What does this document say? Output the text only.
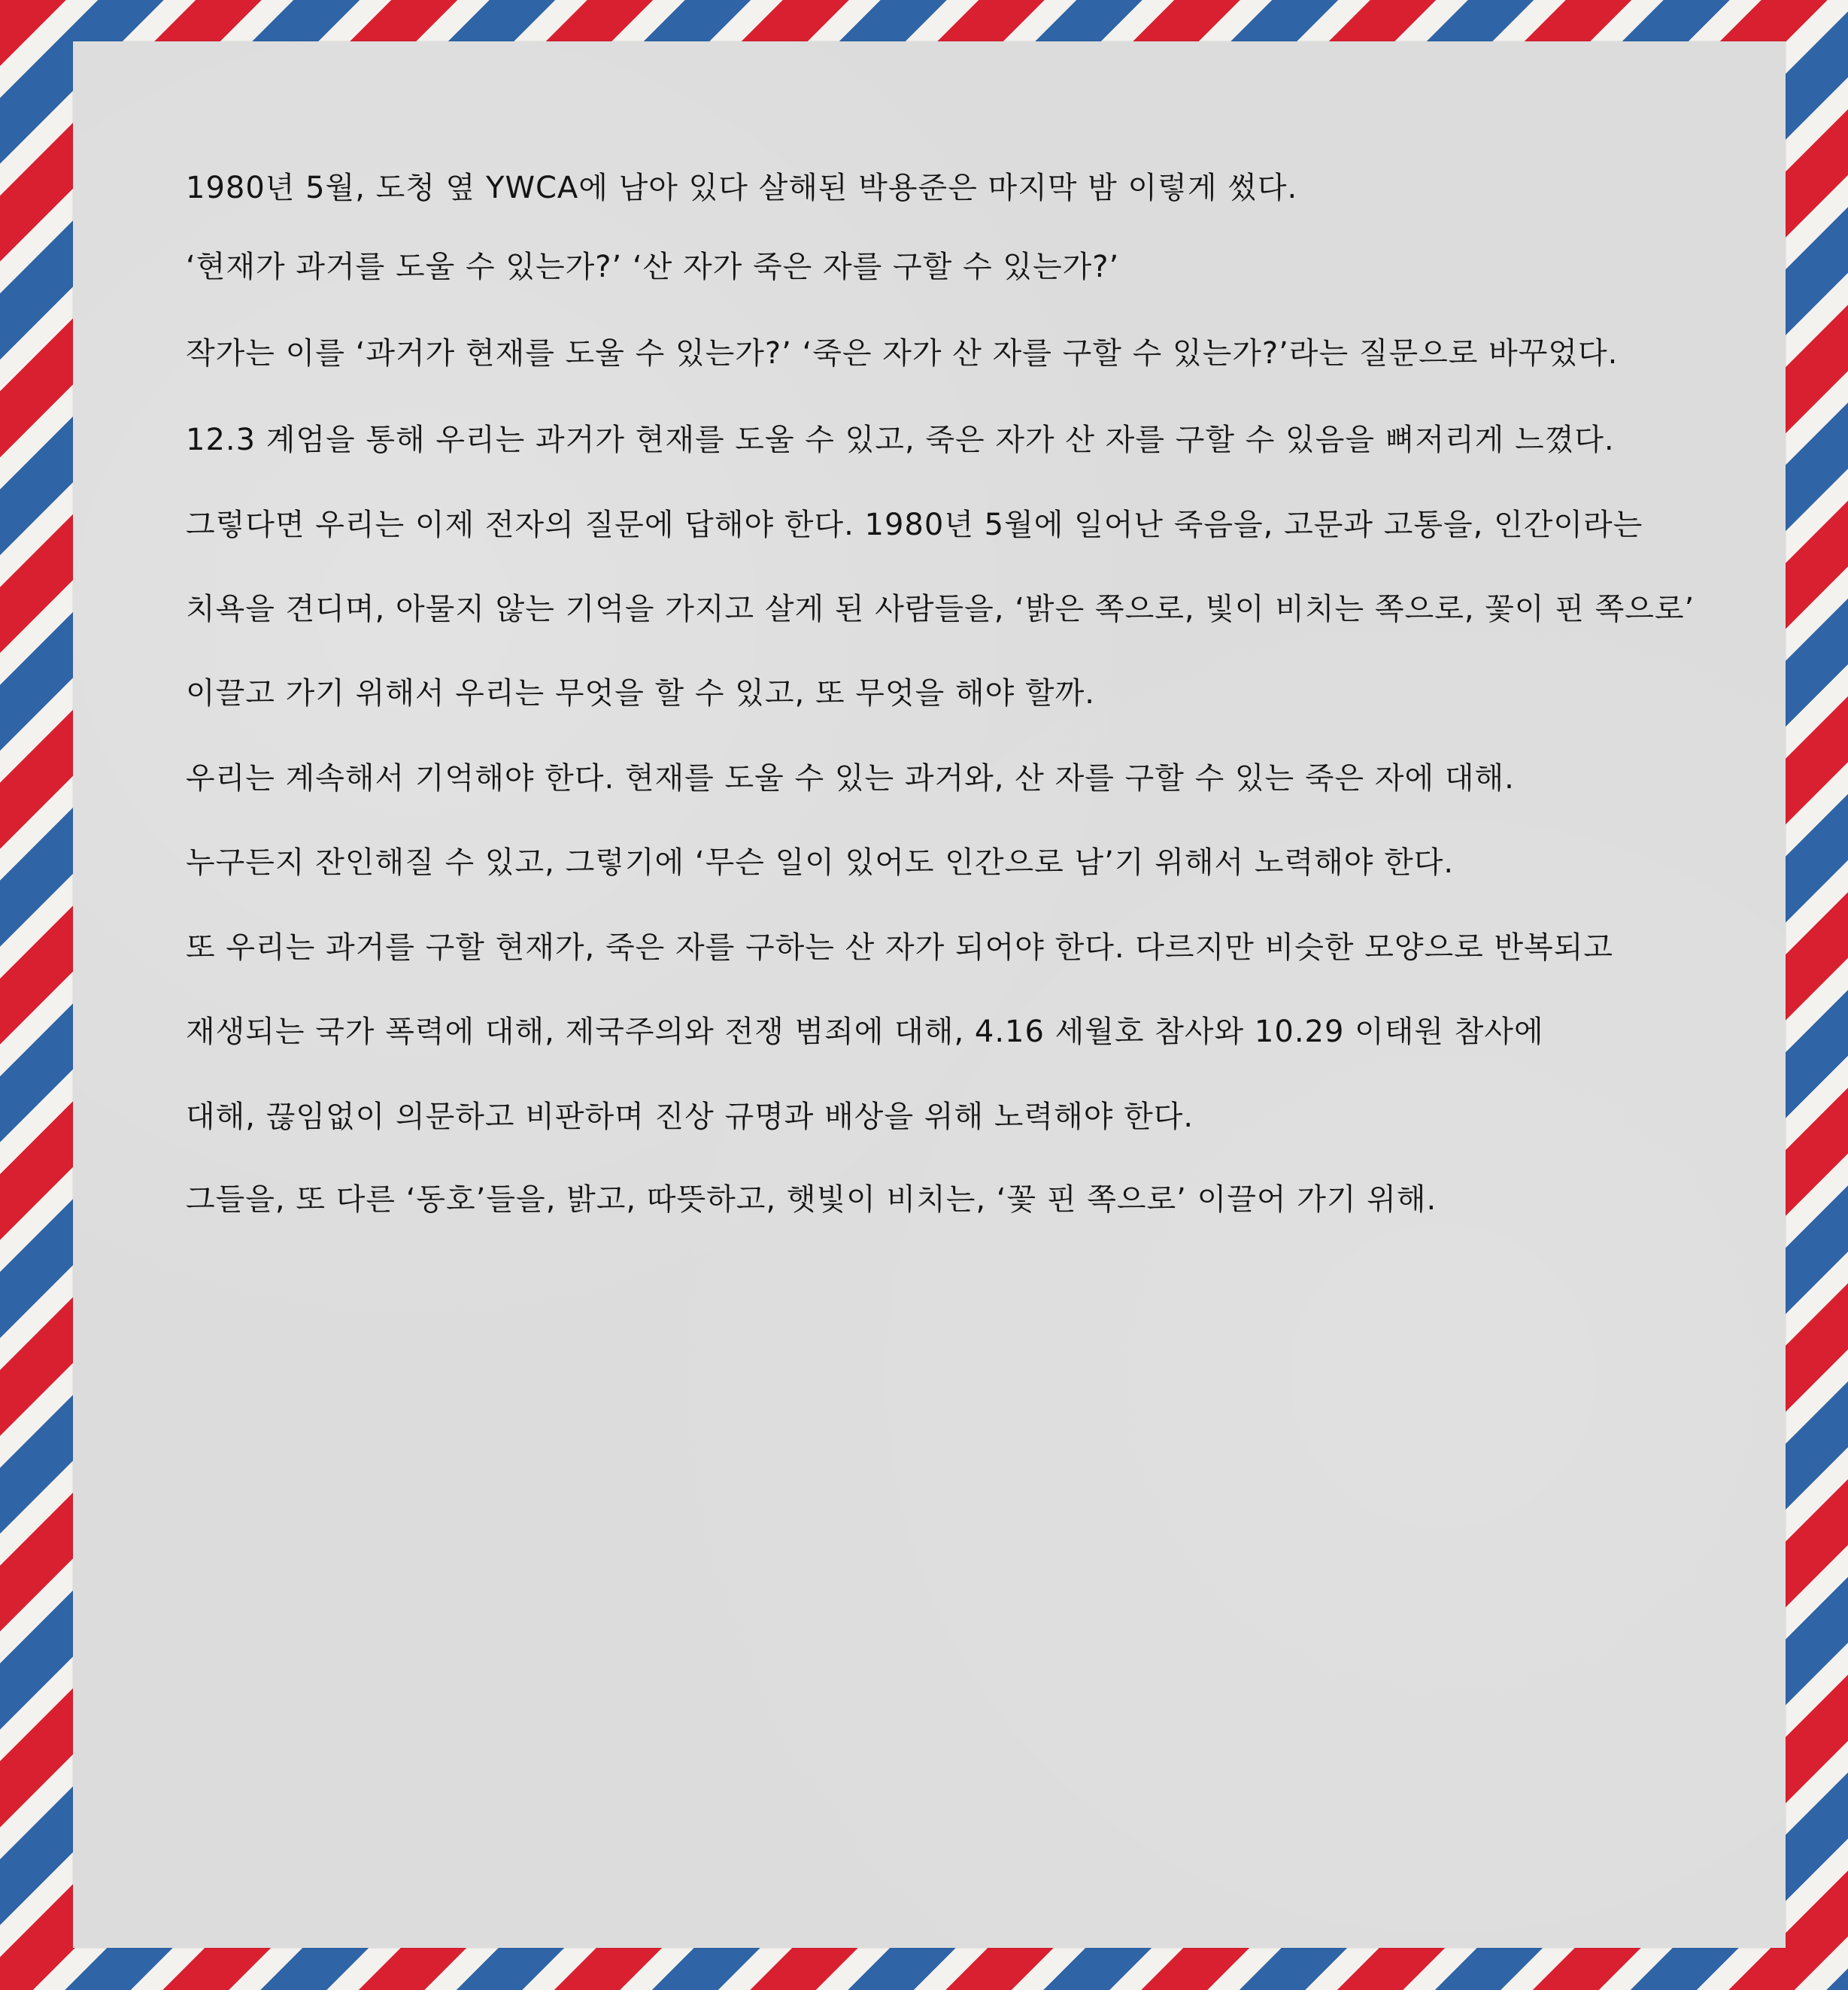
1980년 5월, 도청 옆 YWCA에 남아 있다 살해된 박용준은 마지막 밤 이렇게 썼다.
‘현재가 과거를 도울 수 있는가?’ ‘산 자가 죽은 자를 구할 수 있는가?’
작가는 이를 ‘과거가 현재를 도울 수 있는가?’ ‘죽은 자가 산 자를 구할 수 있는가?’라는 질문으로 바꾸었다.
12.3 계엄을 통해 우리는 과거가 현재를 도울 수 있고, 죽은 자가 산 자를 구할 수 있음을 뼈저리게 느꼈다.
그렇다면 우리는 이제 전자의 질문에 답해야 한다. 1980년 5월에 일어난 죽음을, 고문과 고통을, 인간이라는
치욕을 견디며, 아물지 않는 기억을 가지고 살게 된 사람들을, ‘밝은 쪽으로, 빛이 비치는 쪽으로, 꽃이 핀 쪽으로’
이끌고 가기 위해서 우리는 무엇을 할 수 있고, 또 무엇을 해야 할까.
우리는 계속해서 기억해야 한다. 현재를 도울 수 있는 과거와, 산 자를 구할 수 있는 죽은 자에 대해.
누구든지 잔인해질 수 있고, 그렇기에 ‘무슨 일이 있어도 인간으로 남’기 위해서 노력해야 한다.
또 우리는 과거를 구할 현재가, 죽은 자를 구하는 산 자가 되어야 한다. 다르지만 비슷한 모양으로 반복되고
재생되는 국가 폭력에 대해, 제국주의와 전쟁 범죄에 대해, 4.16 세월호 참사와 10.29 이태원 참사에
대해, 끊임없이 의문하고 비판하며 진상 규명과 배상을 위해 노력해야 한다.
그들을, 또 다른 ‘동호’들을, 밝고, 따뜻하고, 햇빛이 비치는, ‘꽃 핀 쪽으로’ 이끌어 가기 위해.
